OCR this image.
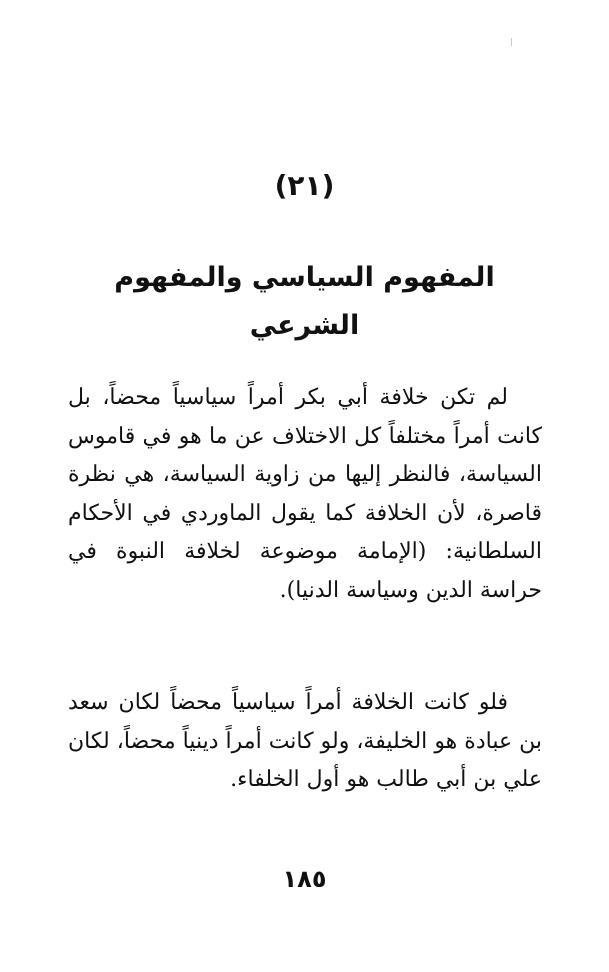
(٢١)
المفهوم السياسي والمفهوم الشرعي

لم تكن خلافة أبي بكر أمراً سياسياً محضاً، بل كانت أمراً مختلفاً كل الاختلاف عن ما هو في قاموس السياسة، فالنظر إليها من زاوية السياسة، هي نظرة قاصرة، لأن الخلافة كما يقول الماوردي في الأحكام السلطانية: (الإمامة موضوعة لخلافة النبوة في حراسة الدين وسياسة الدنيا).

فلو كانت الخلافة أمراً سياسياً محضاً لكان سعد بن عبادة هو الخليفة، ولو كانت أمراً دينياً محضاً، لكان علي بن أبي طالب هو أول الخلفاء.

١٨٥
